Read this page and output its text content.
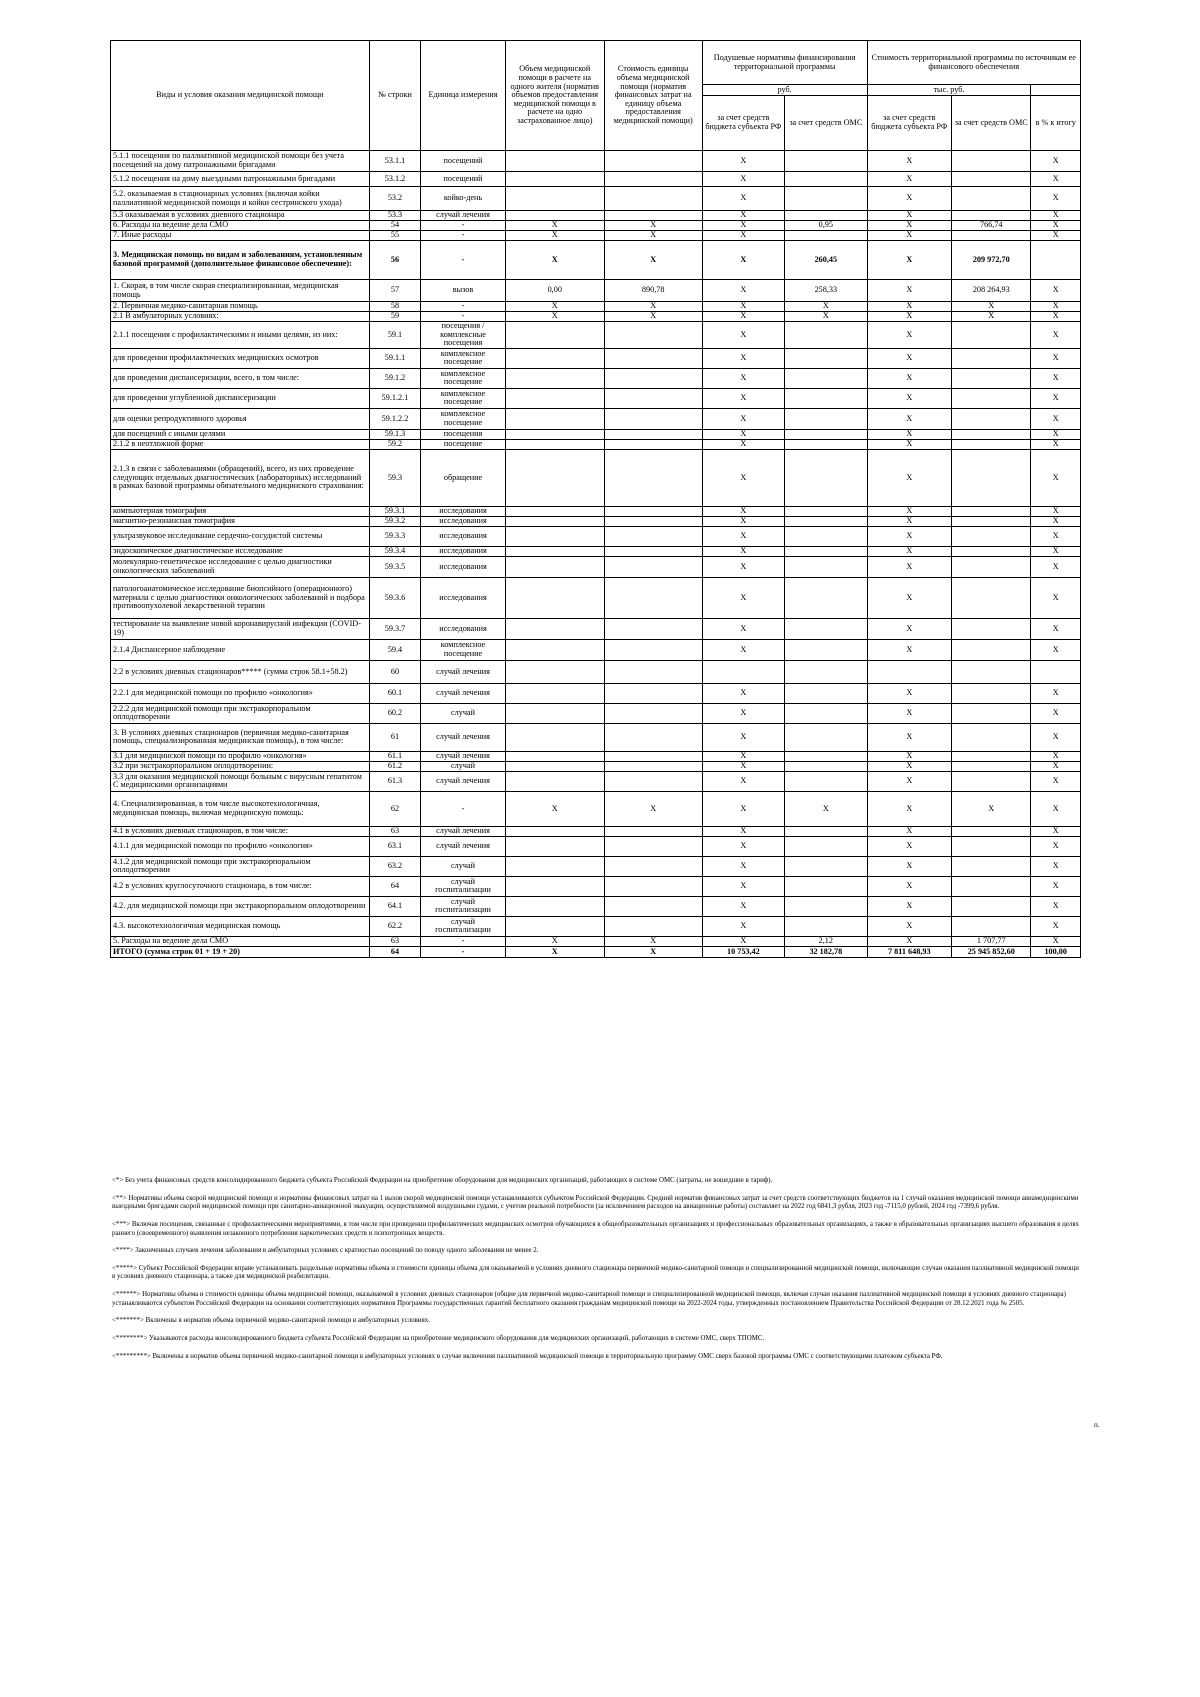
Виды и условия оказания медицинской помощи	№ строки	Единица измерения	Объем медицинской помощи в расчете на одного жителя (норматив объемов предоставления медицинской помощи в расчете на одно застрахованное лицо)	Стоимость единицы объема медицинской помощи (норматив финансовых затрат на единицу объема предоставления медицинской помощи)	Подушевые нормативы финансирования территориальной программы		Стоимость территориальной программы по источникам ее финансового обеспечения		
					руб.		тыс. руб.		
					за счет средств бюджета субъекта РФ	за счет средств ОМС	за счет средств бюджета субъекта РФ	за счет средств ОМС	в % к итогу
5.1.1 посещения по паллиативной медицинской помощи без учета посещений на дому патронажными бригадами	53.1.1	посещений			X		X		X
5.1.2 посещения на дому выездными патронажными бригадами	53.1.2	посещений			X		X		X
5.2. оказываемая в стационарных условиях (включая койки паллиативной медицинской помощи и койки сестринского ухода)	53.2	койко-день			X		X		X
5.3 оказываемая в условиях дневного стационара	53.3	случай лечения			X		X		X
6. Расходы на ведение дела СМО	54	-	X	X	X	0,95	X	766,74	X
7. Иные расходы	55	-	X	X	X		X		X
3. Медицинская помощь по видам и заболеваниям, установленным базовой программой (дополнительное финансовое обеспечение):	56	-	X	X	X	260,45	X	209 972,70	
1. Скорая, в том числе скорая специализированная, медицинская помощь	57	вызов	0,00	890,78	X	258,33	X	208 264,93	X
2. Первичная медико-санитарная помощь	58	-	X	X	X	X	X	X	X
2.1 В амбулаторных условиях:	59	-	X	X	X	X	X	X	X
2.1.1 посещения с профилактическими и иными целями, из них:	59.1	посещения / комплексные посещения			X		X		X
для проведения профилактических медицинских осмотров	59.1.1	комплексное посещение			X		X		X
для проведения диспансеризации, всего, в том числе:	59.1.2	комплексное посещение			X		X		X
для проведения углубленной диспансеризации	59.1.2.1	комплексное посещение			X		X		X
для оценки репродуктивного здоровья	59.1.2.2	комплексное посещение			X		X		X
для посещений с иными целями	59.1.3	посещения			X		X		X
2.1.2 в неотложной форме	59.2	посещение			X		X		X
2.1.3 в связи с заболеваниями (обращений), всего, из них проведение следующих отдельных диагностических (лабораторных) исследований в рамках базовой программы обязательного медицинского страхования:	59.3	обращение			X		X		X
компьютерная томография	59.3.1	исследования			X		X		X
магнитно-резонансная томография	59.3.2	исследования			X		X		X
ультразвуковое исследование сердечно-сосудистой системы	59.3.3	исследования			X		X		X
эндоскопическое диагностическое исследование	59.3.4	исследования			X		X		X
молекулярно-генетическое исследование с целью диагностики онкологических заболеваний	59.3.5	исследования			X		X		X
патологоанатомическое исследование биопсийного (операционного) материала с целью диагностики онкологических заболеваний и подбора противоопухолевой лекарственной терапии	59.3.6	исследования			X		X		X
тестирование на выявление новой коронавирусной инфекции (COVID-19)	59.3.7	исследования			X		X		X
2.1.4 Диспансерное наблюдение	59.4	комплексное посещение			X		X		X
2.2 в условиях дневных стационаров***** (сумма строк 58.1+58.2)	60	случай лечения							
2.2.1 для медицинской помощи по профилю «онкология»	60.1	случай лечения			X		X		X
2.2.2 для медицинской помощи при экстракорпоральном оплодотворении	60.2	случай			X		X		X
3. В условиях дневных стационаров (первичная медико-санитарная помощь, специализированная медицинская помощь), в том числе:	61	случай лечения			X		X		X
3.1 для медицинской помощи по профилю «онкология»	61.1	случай лечения			X		X		X
3.2 при экстракорпоральном оплодотворении:	61.2	случай			X		X		X
3.3 для оказания медицинской помощи больным с вирусным гепатитом С медицинскими организациями	61.3	случай лечения			X		X		X
4. Специализированная, в том числе высокотехнологичная, медицинская помощь, включая медицинскую помощь:	62	-	X	X	X	X	X	X	X
4.1 в условиях дневных стационаров, в том числе:	63	случай лечения			X		X		X
4.1.1 для медицинской помощи по профилю «онкология»	63.1	случай лечения			X		X		X
4.1.2 для медицинской помощи при экстракорпоральном оплодотворении	63.2	случай			X		X		X
4.2 в условиях круглосуточного стационара, в том числе:	64	случай госпитализации			X		X		X
4.2. для медицинской помощи при экстракорпоральном оплодотворении	64.1	случай госпитализации			X		X		X
4.3. высокотехнологичная медицинская помощь	62.2	случай госпитализации			X		X		X
5. Расходы на ведение дела СМО	63	-	X	X	X	2,12	X	1 707,77	X
ИТОГО (сумма строк 01 + 19 + 20)	64	-	X	X	10 753,42	32 182,78	7 811 648,93	25 945 852,60	100,00

<*> Без учета финансовых средств консолидированного бюджета субъекта Российской Федерации на приобретение оборудования для медицинских организаций, работающих в системе ОМС (затраты, не вошедшие в тариф).

<**> Нормативы объема скорой медицинской помощи и нормативы финансовых затрат на 1 вызов скорой медицинской помощи устанавливаются субъектом Российской Федерации. Средний норматив финансовых затрат за счет средств соответствующих бюджетов на 1 случай оказания медицинской помощи авиамедицинскими выездными бригадами скорой медицинской помощи при санитарно-авиационной эвакуации, осуществляемой воздушными судами, с учетом реальной потребности (за исключением расходов на авиационные работы) составляет на 2022 год 6841,3 рубля, 2023 год -7115,0 рублей, 2024 год -7399,6 рубля.

<***> Включая посещения, связанные с профилактическими мероприятиями, в том числе при проведении профилактических медицинских осмотров обучающихся в общеобразовательных организациях и профессиональных образовательных организациях, а также в образовательных организациях высшего образования в целях раннего (своевременного) выявления незаконного потребления наркотических средств и психотропных веществ.

<****> Законченных случаев лечения заболевания в амбулаторных условиях с кратностью посещений по поводу одного заболевания не менее 2.

<*****> Субъект Российской Федерации вправе устанавливать раздельные нормативы объема и стоимости единицы объема для оказываемой в условиях дневного стационара первичной медико-санитарной помощи и специализированной медицинской помощи, включающие случаи оказания паллиативной медицинской помощи в условиях дневного стационара, а также для медицинской реабилитации.

<******> Нормативы объема и стоимости единицы объема медицинской помощи, оказываемой в условиях дневных стационаров (общие для первичной медико-санитарной помощи и специализированной медицинской помощи, включая случаи оказания паллиативной медицинской помощи в условиях дневного стационара) устанавливаются субъектом Российской Федерации на основании соответствующих нормативов Программы государственных гарантий бесплатного оказания гражданам медицинской помощи на 2022-2024 годы, утвержденных постановлением Правительства Российской Федерации от 28.12.2021 года № 2505.

<*******> Включены в норматив объема первичной медико-санитарной помощи в амбулаторных условиях.

<********> Указываются расходы консолидированного бюджета субъекта Российской Федерации на приобретение медицинского оборудования для медицинских организаций, работающих в системе ОМС, сверх ТПОМС.

<*********> Включены в норматив объема первичной медико-санитарной помощи в амбулаторных условиях в случае включения паллиативной медицинской помощи в территориальную программу ОМС сверх базовой программы ОМС с соответствующими платежом субъекта РФ.

п.
